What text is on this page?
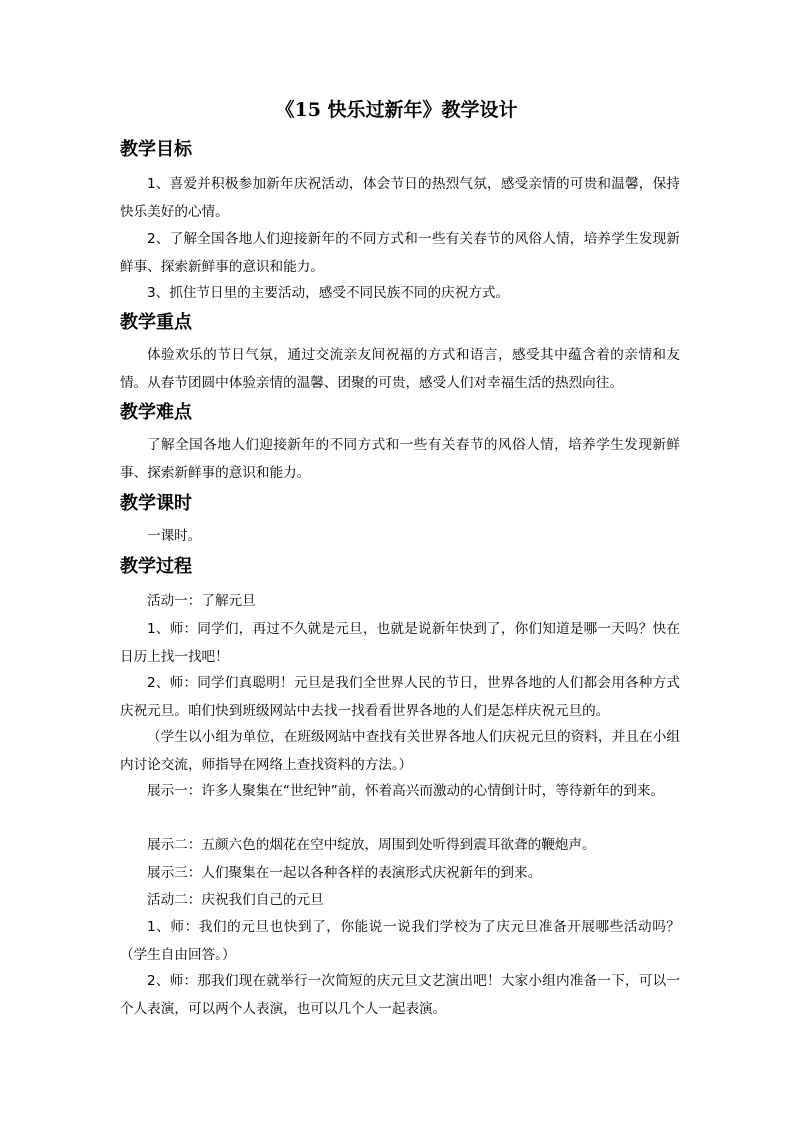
《15 快乐过新年》教学设计
教学目标

1、喜爱并积极参加新年庆祝活动，体会节日的热烈气氛，感受亲情的可贵和温馨，保持快乐美好的心情。

2、了解全国各地人们迎接新年的不同方式和一些有关春节的风俗人情，培养学生发现新鲜事、探索新鲜事的意识和能力。

3、抓住节日里的主要活动，感受不同民族不同的庆祝方式。

教学重点

体验欢乐的节日气氛，通过交流亲友间祝福的方式和语言，感受其中蕴含着的亲情和友情。从春节团圆中体验亲情的温馨、团聚的可贵，感受人们对幸福生活的热烈向往。

教学难点

了解全国各地人们迎接新年的不同方式和一些有关春节的风俗人情，培养学生发现新鲜事、探索新鲜事的意识和能力。

教学课时

一课时。

教学过程

活动一：了解元旦

1、师：同学们，再过不久就是元旦，也就是说新年快到了，你们知道是哪一天吗？快在日历上找一找吧！

2、师：同学们真聪明！元旦是我们全世界人民的节日，世界各地的人们都会用各种方式庆祝元旦。咱们快到班级网站中去找一找看看世界各地的人们是怎样庆祝元旦的。

（学生以小组为单位，在班级网站中查找有关世界各地人们庆祝元旦的资料，并且在小组内讨论交流，师指导在网络上查找资料的方法。）

展示一：许多人聚集在“世纪钟”前，怀着高兴而激动的心情倒计时，等待新年的到来。

展示二：五颜六色的烟花在空中绽放，周围到处听得到震耳欲聋的鞭炮声。

展示三：人们聚集在一起以各种各样的表演形式庆祝新年的到来。

活动二：庆祝我们自己的元旦

1、师：我们的元旦也快到了，你能说一说我们学校为了庆元旦准备开展哪些活动吗？（学生自由回答。）

2、师：那我们现在就举行一次简短的庆元旦文艺演出吧！大家小组内准备一下，可以一个人表演，可以两个人表演，也可以几个人一起表演。
